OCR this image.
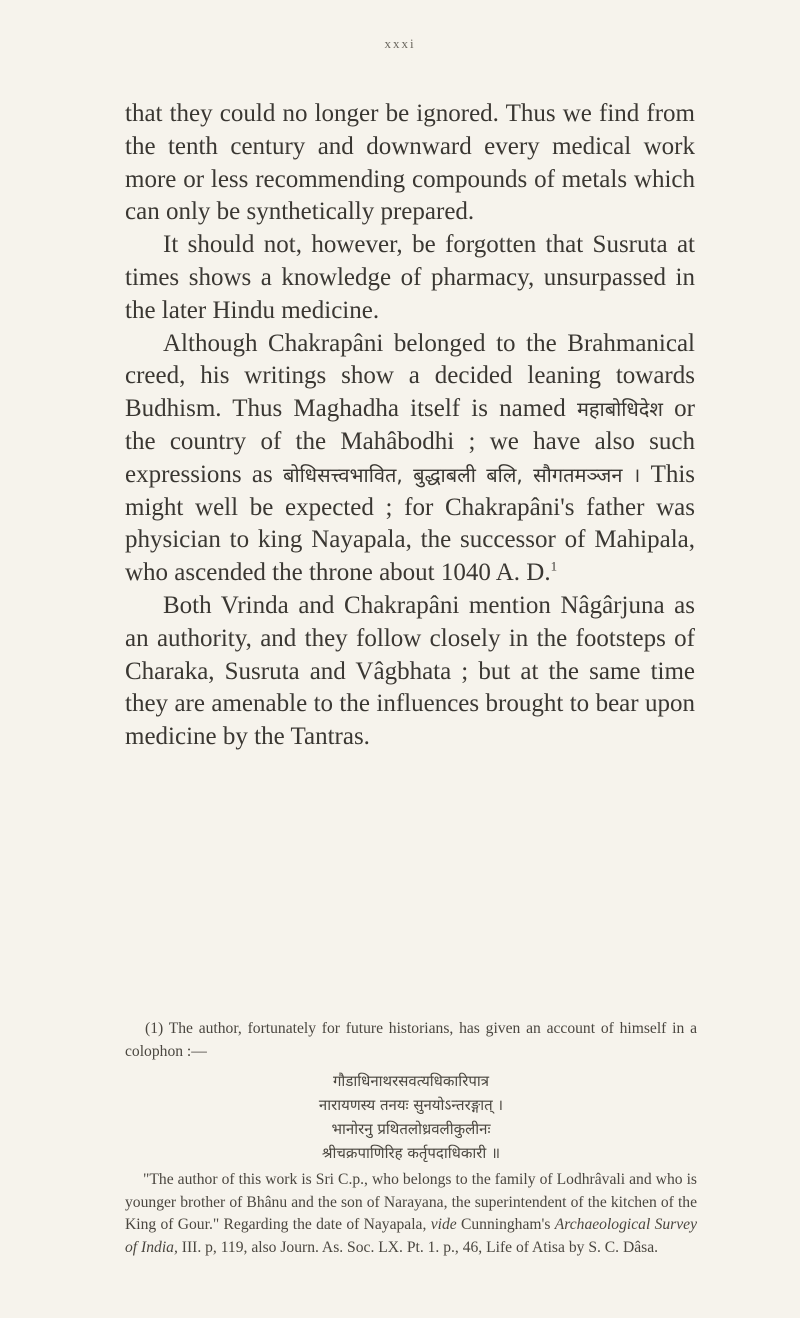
xxxi

that they could no longer be ignored. Thus we find from the tenth century and downward every medical work more or less recommending compounds of metals which can only be synthetically prepared.

It should not, however, be forgotten that Susruta at times shows a knowledge of pharmacy, unsurpassed in the later Hindu medicine.

Although Chakrapâni belonged to the Brahmanical creed, his writings show a decided leaning towards Budhism. Thus Maghadha itself is named महाबोधिदेश or the country of the Mahâbodhi ; we have also such expressions as बोधिसत्त्वभावित, बुद्धाबली बलि, सौगतमञ्जन । This might well be expected ; for Chakrapâni's father was physician to king Nayapala, the successor of Mahipala, who ascended the throne about 1040 A. D.$^1$

Both Vrinda and Chakrapâni mention Nâgârjuna as an authority, and they follow closely in the footsteps of Charaka, Susruta and Vâgbhata ; but at the same time they are amenable to the influences brought to bear upon medicine by the Tantras.

(1) The author, fortunately for future historians, has given an account of himself in a colophon :—

गौडाधिनाथरसवत्यधिकारिपात्र
नारायणस्य तनयः सुनयोऽन्तरङ्गात् ।
भानोरनु प्रथितलोध्रवलीकुलीनः
श्रीचक्रपाणिरिह कर्तृपदाधिकारी ॥

"The author of this work is Sri C.p., who belongs to the family of Lodhrâvali and who is younger brother of Bhânu and the son of Narayana, the superintendent of the kitchen of the King of Gour." Regarding the date of Nayapala, vide Cunningham's Archaeological Survey of India, III. p, 119, also Journ. As. Soc. LX. Pt. 1. p., 46, Life of Atisa by S. C. Dâsa.
